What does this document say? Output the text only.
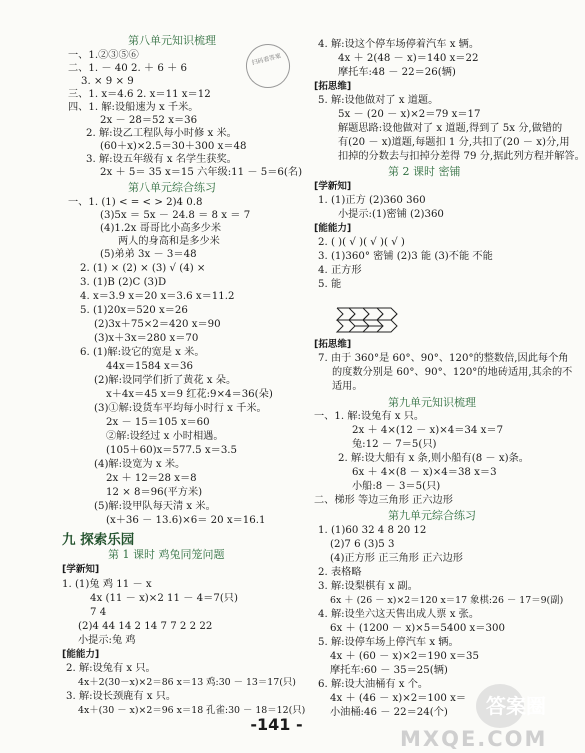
第八单元知识梳理
一、1.②③⑤⑥
二、1. － 40 2. ＋ 6 ＋ 6
3. × 9 × 9
三、1. x＝4.6 2. x＝11 x＝12
四、1. 解:设船速为 x 千米。
2x － 28＝52 x＝36
2. 解:设乙工程队每小时修 x 米。
(60＋x)×2.5＝30＋300 x＝48
3. 解:设五年级有 x 名学生获奖。
2x ＋ 5＝ 35 x＝15 六年级:11 － 5＝6(名)
第八单元综合练习
一、1. (1) < = < > 2)4 0.8
(3)5x ＝ 5x － 24.8 ＝ 8 x ＝ 7
(4)1.2x 哥哥比小高多少米
两人的身高和是多少米
(5)弟弟 3x － 3＝48
2. (1) × (2) × (3) √ (4) ×
3. (1)B (2)C (3)D
4. x＝3.9 x＝20 x＝3.6 x＝11.2
5. (1)20x＝520 x＝26
(2)3x＋75×2＝420 x＝90
(3)x＋3x＝280 x＝70
6. (1)解:设它的宽是 x 米。
44x＝1584 x＝36
(2)解:设同学们折了黄花 x 朵。
x＋4x＝45 x＝9 红花:9×4＝36(朵)
(3)①解:设货车平均每小时行 x 千米。
2x － 15＝105 x＝60
②解:设经过 x 小时相遇。
(105＋60)x＝577.5 x＝3.5
(4)解:设宽为 x 米。
2x ＋ 12＝28 x＝8
12 × 8＝96(平方米)
(5)解:设甲队每天清 x 米。
(x＋36 － 13.6)×6＝ 20 x＝16.1
九 探索乐园
第 1 课时 鸡兔同笼问题
[学新知]
1. (1)兔 鸡 11 － x
4x (11 － x)×2 11 － 4＝7(只)
7 4
(2)4 44 14 2 14 7 7 2 2 22
小提示:兔 鸡
[能能力]
2. 解:设兔有 x 只。
4x＋2(30－x)×2＝86 x＝13 鸡:30 － 13＝17(只)
3. 解:设长颈鹿有 x 只。
4x＋(30 － x)×2＝96 x＝18 孔雀:30 － 18＝12(只)
扫码看答案
4. 解:设这个停车场停着汽车 x 辆。
4x ＋ 2(48 － x)＝140 x＝22
摩托车:48 － 22＝26(辆)
[拓思维]
5. 解:设他做对了 x 道题。
5x － (20 － x)×2＝79 x＝17
解题思路:设他做对了 x 道题,得到了 5x 分,做错的
有(20 － x)道题,每题扣 1 分,共扣了(20 － x)分,用
扣掉的分数去与扣掉分差得 79 分,据此列方程并解答。
第 2 课时 密铺
[学新知]
1. (1)正方 (2)360 360
小提示:(1)密铺 (2)360
[能能力]
2. ( )( √ )( √ )( √ )
3. (1)360° 密铺 (2)3 能 (3)不能 不能
4. 正方形
5. 能
[拓思维]
7. 由于 360°是 60°、90°、120°的整数倍,因此每个角
的度数分别是 60°、90°、120°的地砖适用,其余的不
适用。
第九单元知识梳理
一、1. 解:设兔有 x 只。
2x ＋ 4×(12 － x)×4＝34 x＝7
兔:12 － 7＝5(只)
2. 解:设大船有 x 条,则小船有(8 － x)条。
6x ＋ 4×(8 － x)×4＝38 x＝3
小船:8 － 3＝5(只)
二、梯形 等边三角形 正六边形
第九单元综合练习
1. (1)60 32 4 8 20 12
(2)7 6 (3)5 3
(4)正方形 正三角形 正六边形
2. 表格略
3. 解:设梨棋有 x 副。
6x ＋ (26 － x)×2＝120 x＝17 象棋:26 － 17＝9(副)
4. 解:设坐六这天售出成人票 x 张。
6x ＋ (1200 － x)×5＝5400 x＝300
5. 解:设停车场上停汽车 x 辆。
4x ＋ (60 － x)×2＝190 x＝35
摩托车:60 － 35＝25(辆)
6. 解:设大油桶有 x 个。
4x ＋ (46 － x)×2＝100 x＝
小油桶:46 － 22＝24(个)
-141 -
答案圈
MXQE.COM
